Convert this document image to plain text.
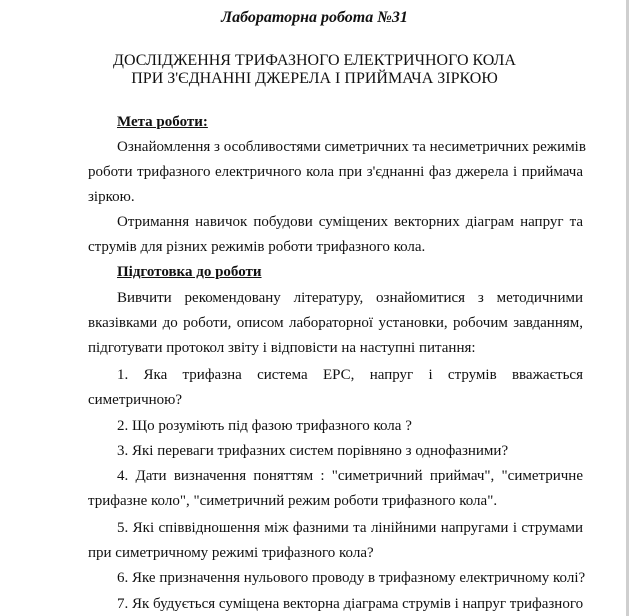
Лабораторна робота №31
ДОСЛІДЖЕННЯ ТРИФАЗНОГО ЕЛЕКТРИЧНОГО КОЛА
ПРИ З'ЄДНАННІ ДЖЕРЕЛА І ПРИЙМАЧА ЗІРКОЮ
Мета роботи:
Ознайомлення з особливостями симетричних та несиметричних режимів
роботи трифазного електричного кола при з'єднанні фаз джерела і приймача
зіркою.
Отримання навичок побудови суміщених векторних діаграм напруг та
струмів для різних режимів роботи трифазного кола.
Підготовка до роботи
Вивчити рекомендовану літературу, ознайомитися з методичними
вказівками до роботи, описом лабораторної установки, робочим завданням,
підготувати протокол звіту і відповісти на наступні питання:
1. Яка трифазна система ЕРС, напруг і струмів вважається
симетричною?
2. Що розуміють під фазою трифазного кола ?
3. Які переваги трифазних систем порівняно з однофазними?
4. Дати визначення поняттям : "симетричний приймач", "симетричне
трифазне коло", "симетричний режим роботи трифазного кола".
5. Які співвідношення між фазними та лінійними напругами і струмами
при симетричному режимі трифазного кола?
6. Яке призначення нульового проводу в трифазному електричному колі?
7. Як будується суміщена векторна діаграма струмів і напруг трифазного
